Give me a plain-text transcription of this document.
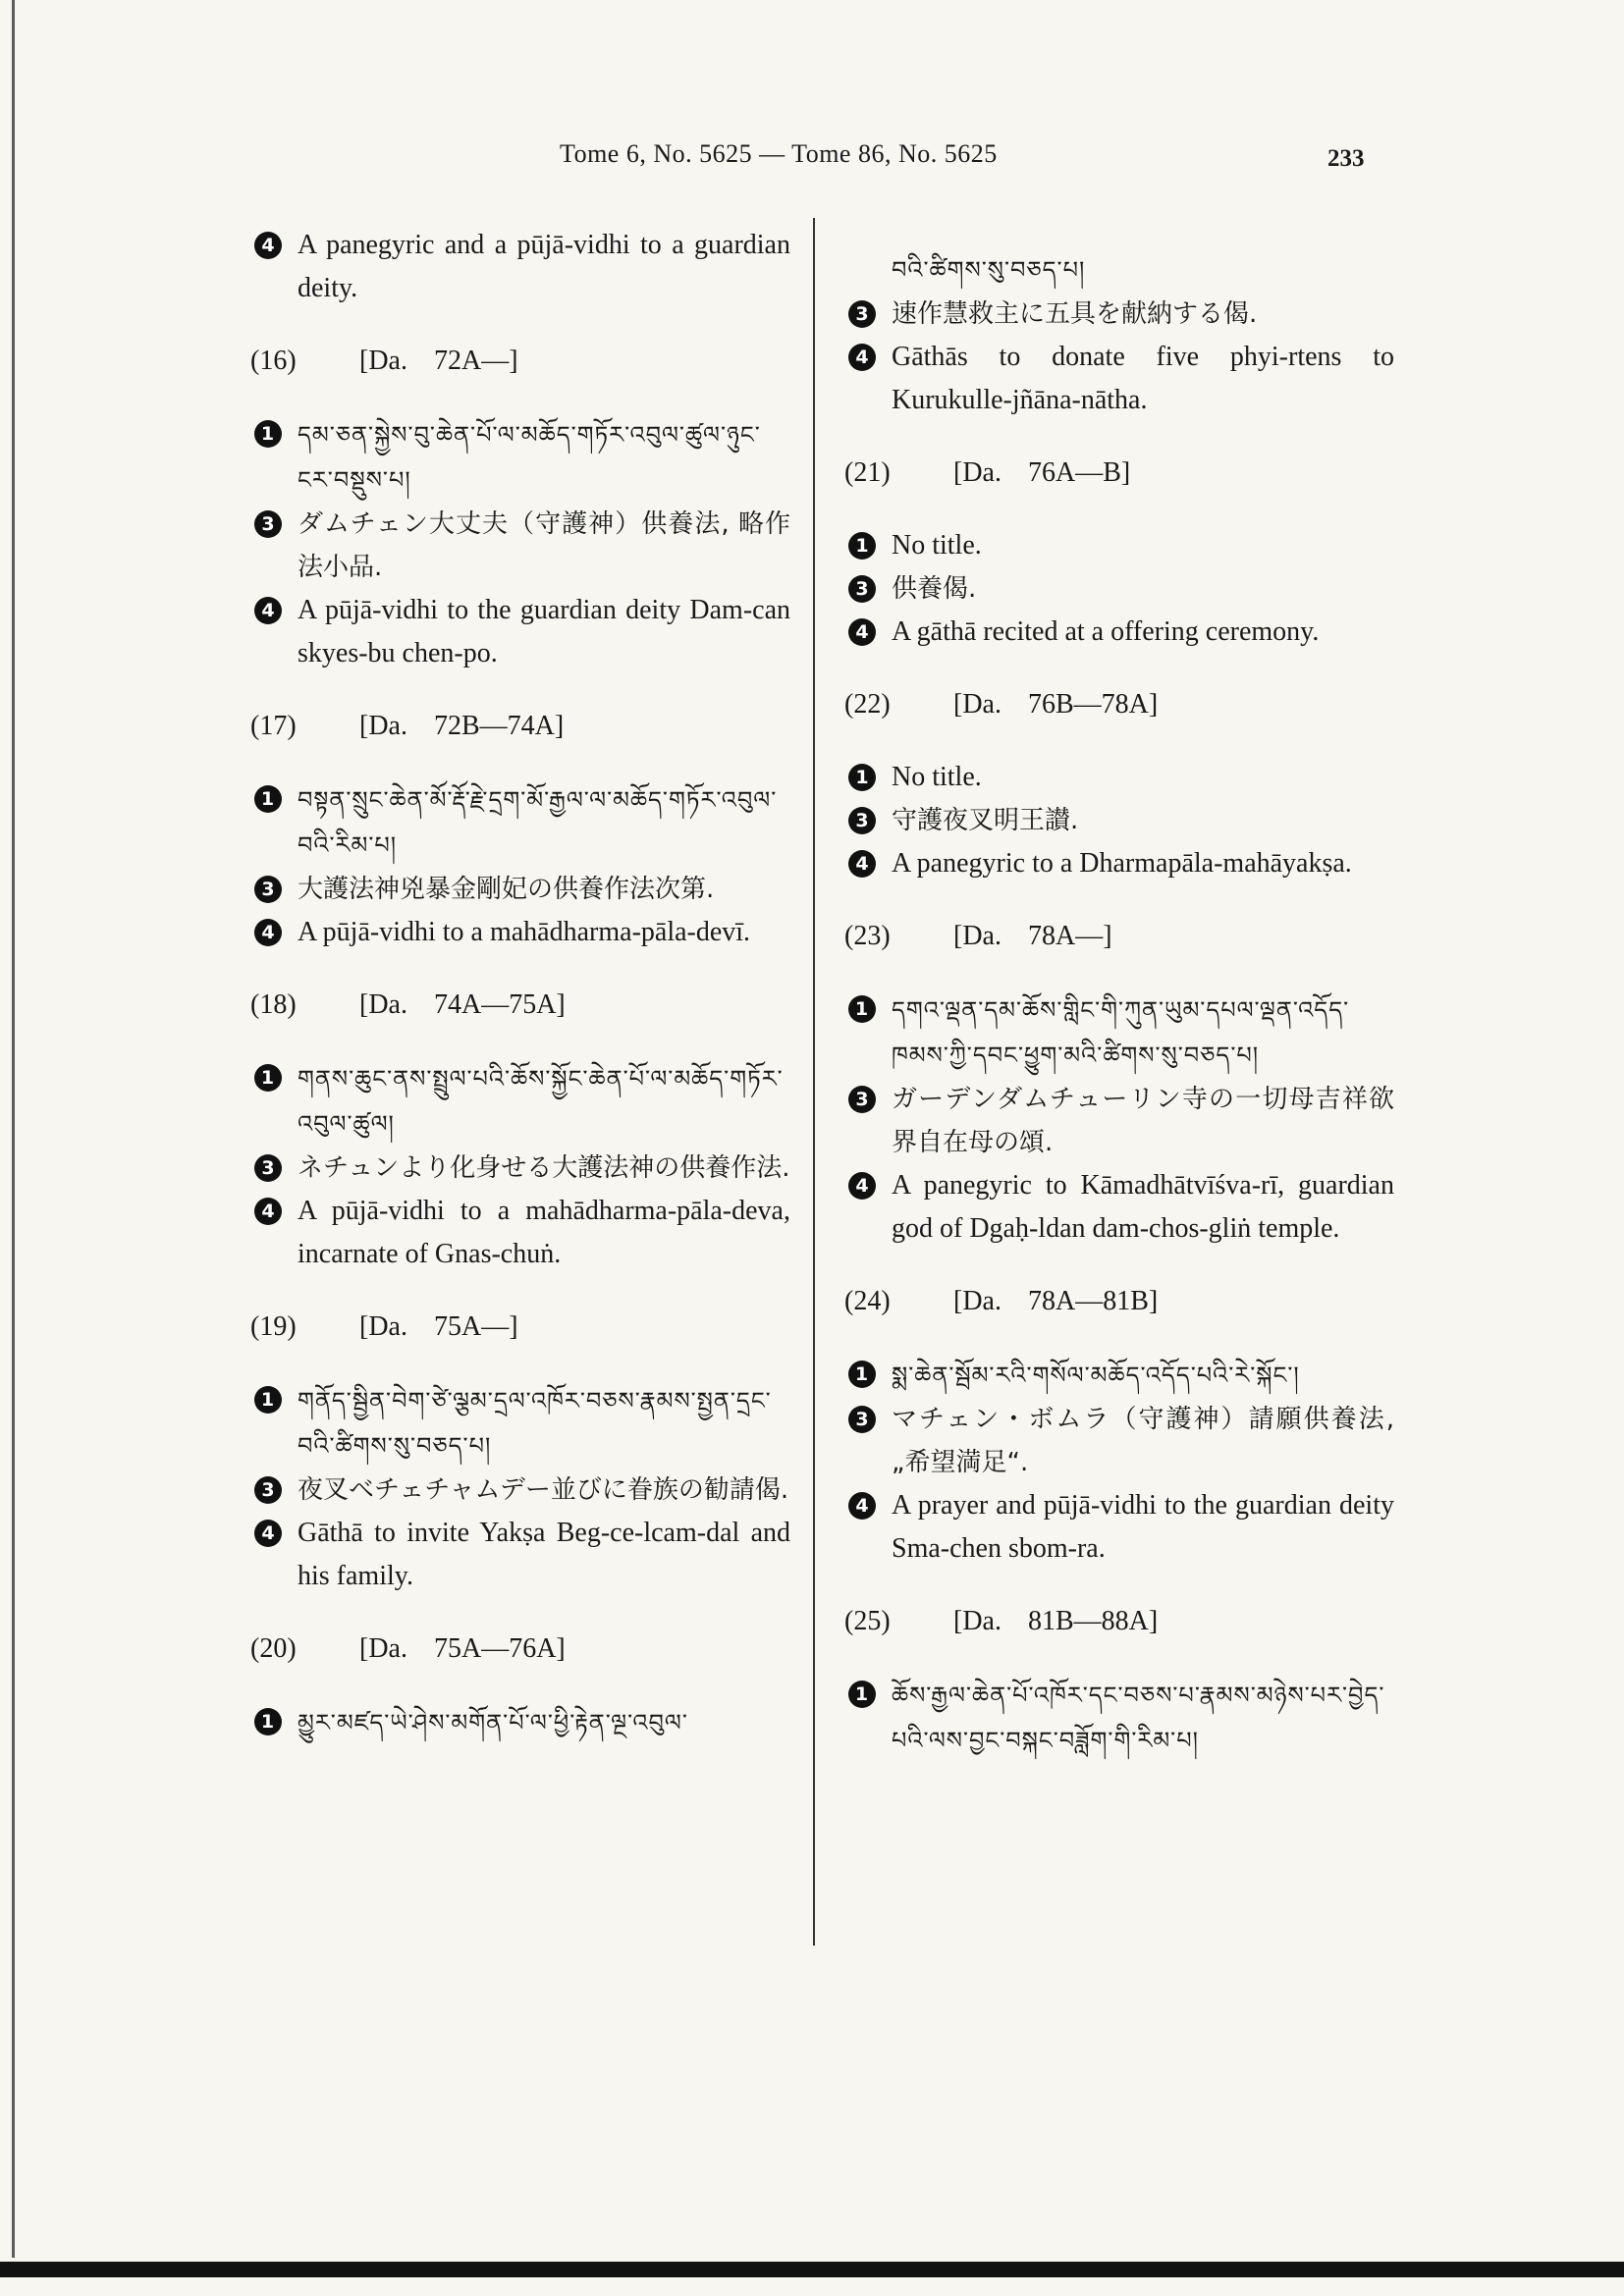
Tome 6, No. 5625 — Tome 86, No. 5625	233

4 A panegyric and a pūjā-vidhi to a guardian deity.

(16) [Da. 72A—]

1 དམ་ཅན་སྐྱེས་བུ་ཆེན་པོ་ལ་མཆོད་གཏོར་འབུལ་ཚུལ་ཉུང་ངར་བསྡུས་པ།

3 ダムチェン大丈夫（守護神）供養法, 略作法小品.

4 A pūjā-vidhi to the guardian deity Dam-can skyes-bu chen-po.

(17) [Da. 72B—74A]

1 བསྟན་སྲུང་ཆེན་མོ་རྡོ་རྗེ་དྲག་མོ་རྒྱལ་ལ་མཆོད་གཏོར་འབུལ་བའི་རིམ་པ།

3 大護法神兇暴金剛妃の供養作法次第.

4 A pūjā-vidhi to a mahādharma-pāla-devī.

(18) [Da. 74A—75A]

1 གནས་ཆུང་ནས་སྤྲུལ་པའི་ཆོས་སྐྱོང་ཆེན་པོ་ལ་མཆོད་གཏོར་འབུལ་ཚུལ།

3 ネチュンより化身せる大護法神の供養作法.

4 A pūjā-vidhi to a mahādharma-pāla-deva, incarnate of Gnas-chuṅ.

(19) [Da. 75A—]

1 གནོད་སྦྱིན་བེག་ཙེ་ལྕམ་དྲལ་འཁོར་བཅས་རྣམས་སྤྱན་དྲང་བའི་ཚིགས་སུ་བཅད་པ།

3 夜叉ベチェチャムデー並びに眷族の勧請偈.

4 Gāthā to invite Yakṣa Beg-ce-lcam-dal and his family.

(20) [Da. 75A—76A]

1 མྱུར་མཛད་ཡེ་ཤེས་མགོན་པོ་ལ་ཕྱི་རྟེན་ལྔ་འབུལ་

བའི་ཚིགས་སུ་བཅད་པ།

3 速作慧救主に五具を献納する偈.

4 Gāthās to donate five phyi-rtens to Kurukulle-jñāna-nātha.

(21) [Da. 76A—B]

1 No title.

3 供養偈.

4 A gāthā recited at a offering ceremony.

(22) [Da. 76B—78A]

1 No title.

3 守護夜叉明王讃.

4 A panegyric to a Dharmapāla-mahāyakṣa.

(23) [Da. 78A—]

1 དགའ་ལྡན་དམ་ཆོས་གླིང་གི་ཀུན་ཡུམ་དཔལ་ལྡན་འདོད་ཁམས་ཀྱི་དབང་ཕྱུག་མའི་ཚིགས་སུ་བཅད་པ།

3 ガーデンダムチューリン寺の一切母吉祥欲界自在母の頌.

4 A panegyric to Kāmadhātvīśva-rī, guardian god of Dgaḥ-ldan dam-chos-gliṅ temple.

(24) [Da. 78A—81B]

1 སྨ་ཆེན་སྦོམ་རའི་གསོལ་མཆོད་འདོད་པའི་རེ་སྐོང་།

3 マチェン・ボムラ（守護神）請願供養法, „希望満足“.

4 A prayer and pūjā-vidhi to the guardian deity Sma-chen sbom-ra.

(25) [Da. 81B—88A]

1 ཆོས་རྒྱལ་ཆེན་པོ་འཁོར་དང་བཅས་པ་རྣམས་མཉེས་པར་བྱེད་པའི་ལས་བྱང་བསྐང་བཟློག་གི་རིམ་པ།
